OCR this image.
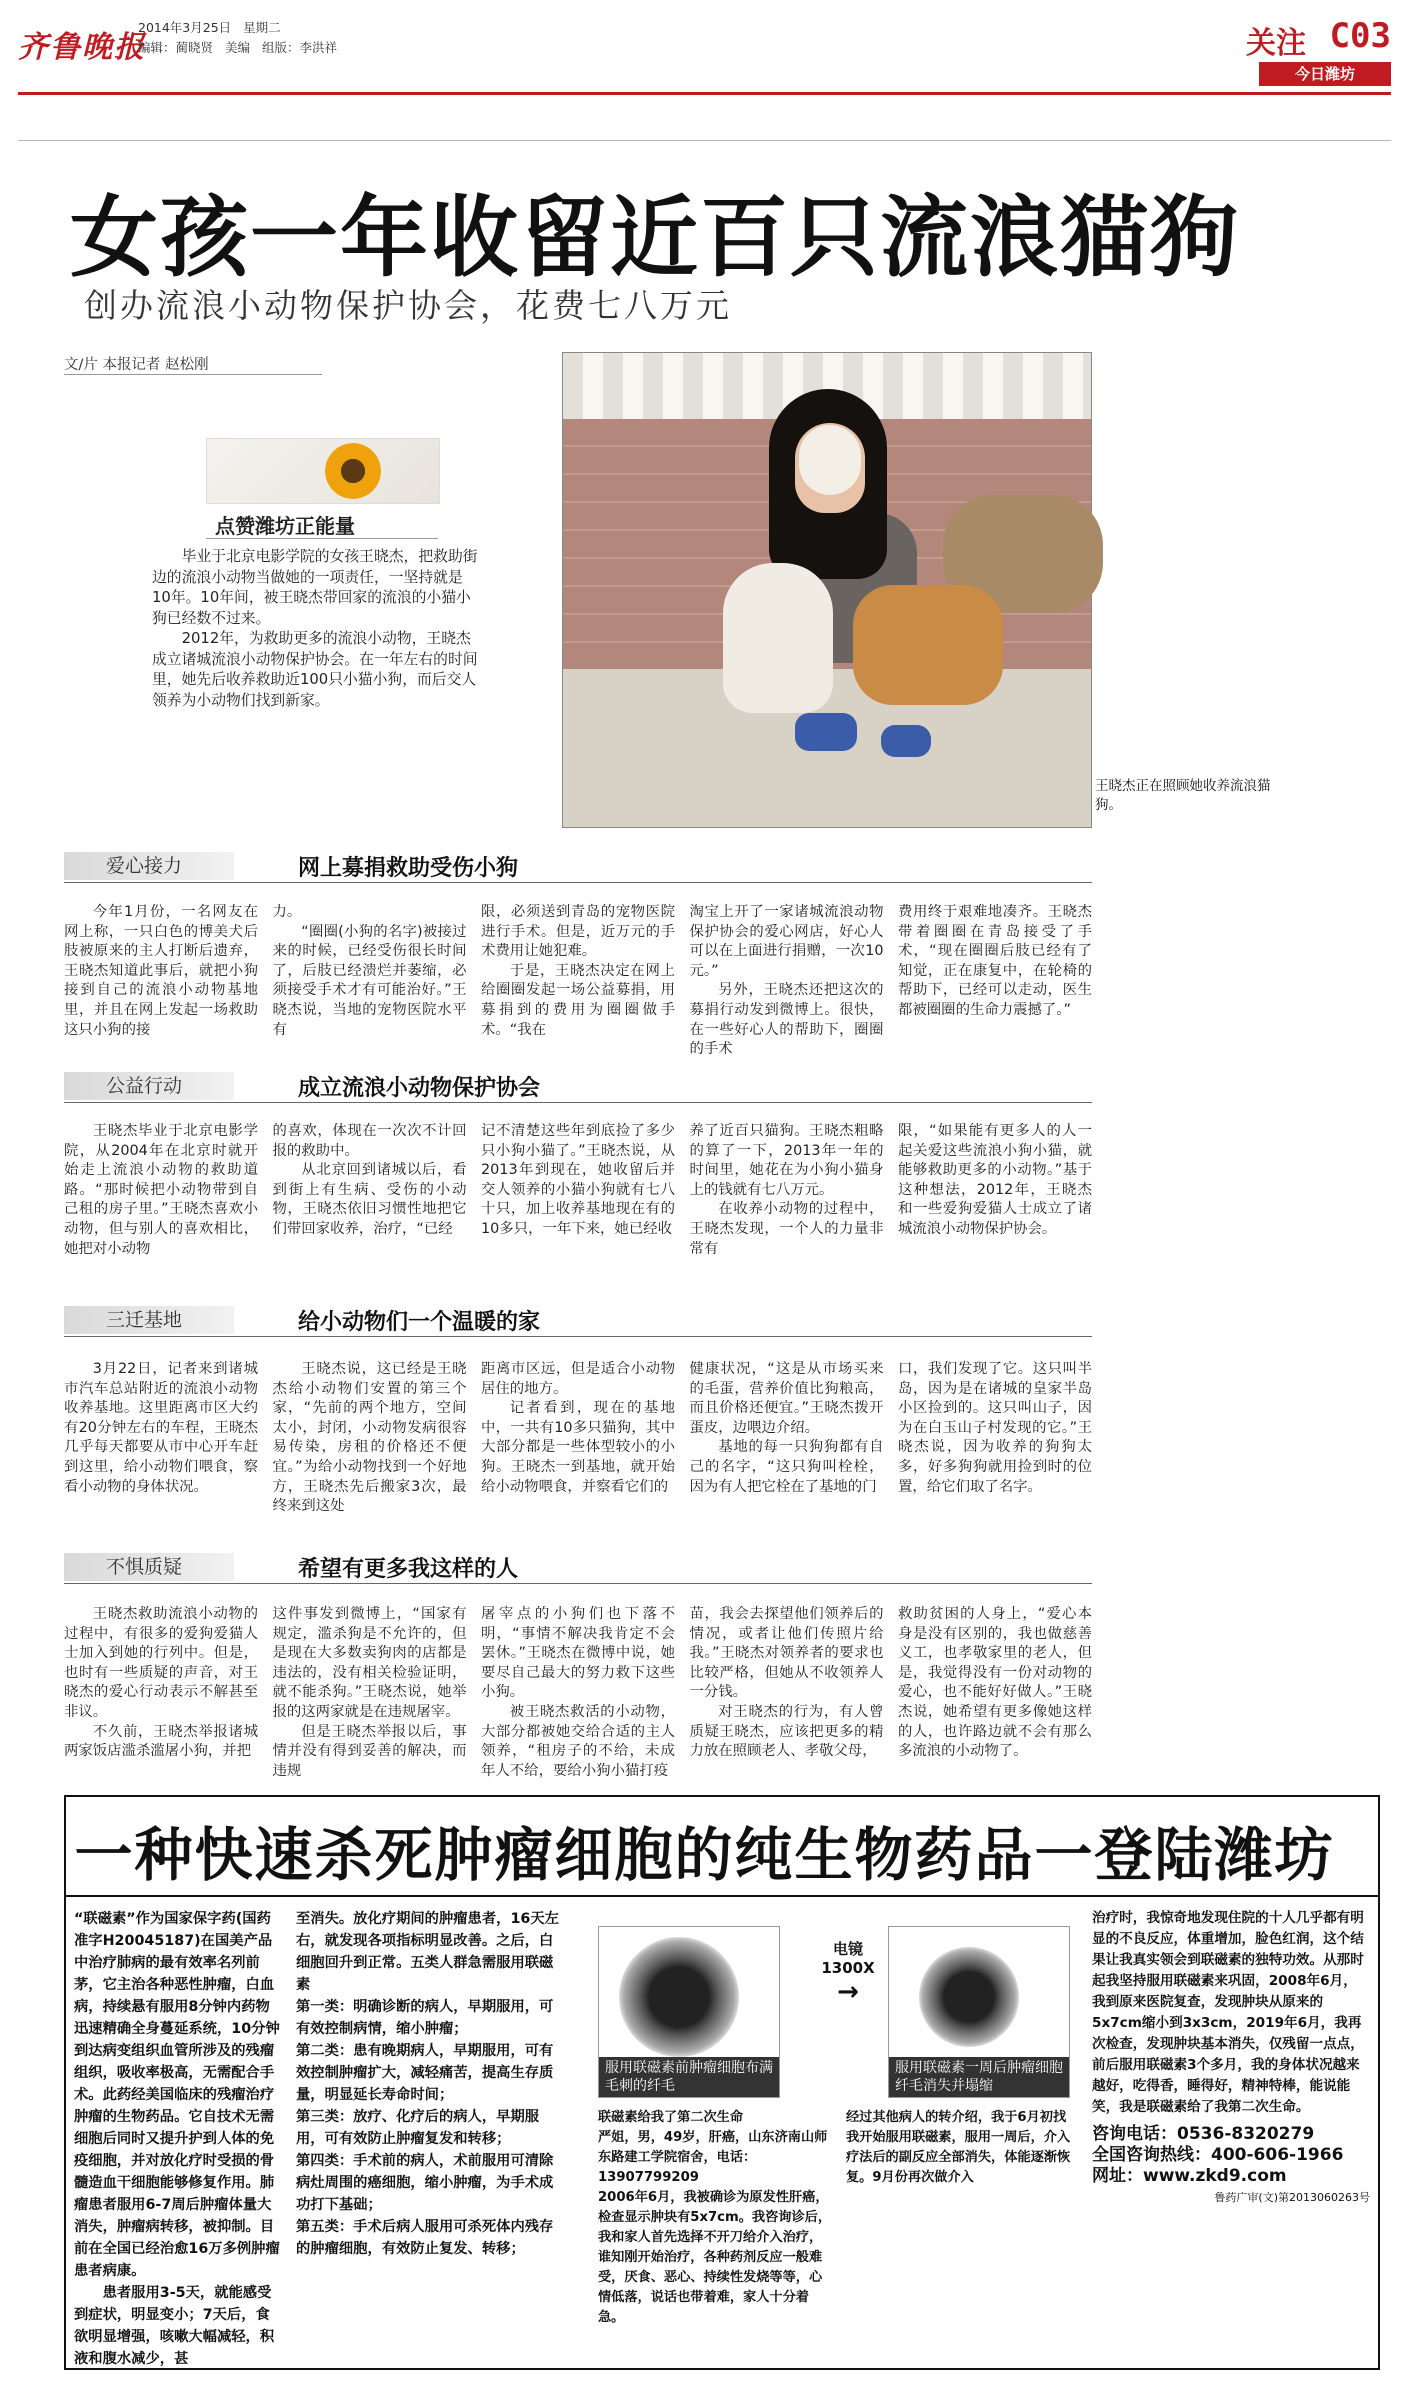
齐鲁晚报
2014年3月25日 星期二
编辑：蔺晓贤 美编 组版：李洪祥	关注 C03
今日潍坊
女孩一年收留近百只流浪猫狗
创办流浪小动物保护协会，花费七八万元
文/片 本报记者 赵松刚
王晓杰正在照顾她收养流浪猫狗。
点赞潍坊正能量

毕业于北京电影学院的女孩王晓杰，把救助街边的流浪小动物当做她的一项责任，一坚持就是10年。10年间，被王晓杰带回家的流浪的小猫小狗已经数不过来。

2012年，为救助更多的流浪小动物，王晓杰成立诸城流浪小动物保护协会。在一年左右的时间里，她先后收养救助近100只小猫小狗，而后交人领养为小动物们找到新家。

爱心接力	网上募捐救助受伤小狗

今年1月份，一名网友在网上称，一只白色的博美犬后肢被原来的主人打断后遗弃，王晓杰知道此事后，就把小狗接到自己的流浪小动物基地里，并且在网上发起一场救助这只小狗的接

力。

“圈圈(小狗的名字)被接过来的时候，已经受伤很长时间了，后肢已经溃烂并萎缩，必须接受手术才有可能治好。”王晓杰说，当地的宠物医院水平有

限，必须送到青岛的宠物医院进行手术。但是，近万元的手术费用让她犯难。

于是，王晓杰决定在网上给圈圈发起一场公益募捐，用募捐到的费用为圈圈做手术。“我在

淘宝上开了一家诸城流浪动物保护协会的爱心网店，好心人可以在上面进行捐赠，一次10元。”

另外，王晓杰还把这次的募捐行动发到微博上。很快，在一些好心人的帮助下，圈圈的手术

费用终于艰难地凑齐。王晓杰带着圈圈在青岛接受了手术，“现在圈圈后肢已经有了知觉，正在康复中，在轮椅的帮助下，已经可以走动，医生都被圈圈的生命力震撼了。”

公益行动	成立流浪小动物保护协会

王晓杰毕业于北京电影学院，从2004年在北京时就开始走上流浪小动物的救助道路。“那时候把小动物带到自己租的房子里。”王晓杰喜欢小动物，但与别人的喜欢相比，她把对小动物

的喜欢，体现在一次次不计回报的救助中。

从北京回到诸城以后，看到街上有生病、受伤的小动物，王晓杰依旧习惯性地把它们带回家收养，治疗，“已经

记不清楚这些年到底捡了多少只小狗小猫了。”王晓杰说，从2013年到现在，她收留后并交人领养的小猫小狗就有七八十只，加上收养基地现在有的10多只，一年下来，她已经收

养了近百只猫狗。王晓杰粗略的算了一下，2013年一年的时间里，她花在为小狗小猫身上的钱就有七八万元。

在收养小动物的过程中，王晓杰发现，一个人的力量非常有

限，“如果能有更多人的人一起关爱这些流浪小狗小猫，就能够救助更多的小动物。”基于这种想法，2012年，王晓杰和一些爱狗爱猫人士成立了诸城流浪小动物保护协会。

三迁基地	给小动物们一个温暖的家

3月22日，记者来到诸城市汽车总站附近的流浪小动物收养基地。这里距离市区大约有20分钟左右的车程，王晓杰几乎每天都要从市中心开车赶到这里，给小动物们喂食，察看小动物的身体状况。

王晓杰说，这已经是王晓杰给小动物们安置的第三个家，“先前的两个地方，空间太小，封闭，小动物发病很容易传染，房租的价格还不便宜。”为给小动物找到一个好地方，王晓杰先后搬家3次，最终来到这处

距离市区远，但是适合小动物居住的地方。

记者看到，现在的基地中，一共有10多只猫狗，其中大部分都是一些体型较小的小狗。王晓杰一到基地，就开始给小动物喂食，并察看它们的

健康状况，“这是从市场买来的毛蛋，营养价值比狗粮高，而且价格还便宜。”王晓杰拨开蛋皮，边喂边介绍。

基地的每一只狗狗都有自己的名字，“这只狗叫栓栓，因为有人把它栓在了基地的门

口，我们发现了它。这只叫半岛，因为是在诸城的皇家半岛小区捡到的。这只叫山子，因为在白玉山子村发现的它。”王晓杰说，因为收养的狗狗太多，好多狗狗就用捡到时的位置，给它们取了名字。

不惧质疑	希望有更多我这样的人

王晓杰救助流浪小动物的过程中，有很多的爱狗爱猫人士加入到她的行列中。但是，也时有一些质疑的声音，对王晓杰的爱心行动表示不解甚至非议。

不久前，王晓杰举报诸城两家饭店滥杀滥屠小狗，并把

这件事发到微博上，“国家有规定，滥杀狗是不允许的，但是现在大多数卖狗肉的店都是违法的，没有相关检验证明，就不能杀狗。”王晓杰说，她举报的这两家就是在违规屠宰。

但是王晓杰举报以后，事情并没有得到妥善的解决，而违规

屠宰点的小狗们也下落不明，“事情不解决我肯定不会罢休。”王晓杰在微博中说，她要尽自己最大的努力救下这些小狗。

被王晓杰救活的小动物，大部分都被她交给合适的主人领养，“租房子的不给，未成年人不给，要给小狗小猫打疫

苗，我会去探望他们领养后的情况，或者让他们传照片给我。”王晓杰对领养者的要求也比较严格，但她从不收领养人一分钱。

对王晓杰的行为，有人曾质疑王晓杰，应该把更多的精力放在照顾老人、孝敬父母，

救助贫困的人身上，“爱心本身是没有区别的，我也做慈善义工，也孝敬家里的老人，但是，我觉得没有一份对动物的爱心，也不能好好做人。”王晓杰说，她希望有更多像她这样的人，也许路边就不会有那么多流浪的小动物了。

一种快速杀死肿瘤细胞的纯生物药品一登陆潍坊

“联磁素”作为国家保字药(国药准字H20045187)在国美产品中治疗肺病的最有效率名列前茅，它主治各种恶性肿瘤，白血病，持续悬有服用8分钟内药物迅速精确全身蔓延系统，10分钟到达病变组织血管所涉及的残瘤组织，吸收率极高，无需配合手术。此药经美国临床的残瘤治疗肿瘤的生物药品。它自技术无需细胞后同时又提升护到人体的免疫细胞，并对放化疗时受损的骨髓造血干细胞能够修复作用。肺瘤患者服用6-7周后肿瘤体量大消失，肿瘤病转移，被抑制。目前在全国已经治愈16万多例肿瘤患者病康。

患者服用3-5天，就能感受到症状，明显变小；7天后，食欲明显增强，咳嗽大幅减轻，积液和腹水减少，甚

至消失。放化疗期间的肿瘤患者，16天左右，就发现各项指标明显改善。之后，白细胞回升到正常。五类人群急需服用联磁素

第一类：明确诊断的病人，早期服用，可有效控制病情，缩小肿瘤；

第二类：患有晚期病人，早期服用，可有效控制肿瘤扩大，减轻痛苦，提高生存质量，明显延长寿命时间；

第三类：放疗、化疗后的病人，早期服用，可有效防止肿瘤复发和转移；

第四类：手术前的病人，术前服用可清除病灶周围的癌细胞，缩小肿瘤，为手术成功打下基础；

第五类：手术后病人服用可杀死体内残存的肿瘤细胞，有效防止复发、转移；

服用联磁素前肿瘤细胞布满毛刺的纤毛
电镜
1300X
→
服用联磁素一周后肿瘤细胞纤毛消失并塌缩

联磁素给我了第二次生命

严姐，男，49岁，肝癌，山东济南山师东路建工学院宿舍，电话：13907799209

2006年6月，我被确诊为原发性肝癌，检查显示肿块有5x7cm。我咨询诊后，我和家人首先选择不开刀给介入治疗，谁知刚开始治疗，各种药剂反应一般难受，厌食、恶心、持续性发烧等等，心情低落，说话也带着难，家人十分着急。

经过其他病人的转介绍，我于6月初找我开始服用联磁素，服用一周后，介入疗法后的副反应全部消失，体能逐渐恢复。9月份再次做介入

治疗时，我惊奇地发现住院的十人几乎都有明显的不良反应，体重增加，脸色红润，这个结果让我真实领会到联磁素的独特功效。从那时起我坚持服用联磁素来巩固，2008年6月，我到原来医院复查，发现肿块从原来的5x7cm缩小到3x3cm，2019年6月，我再次检查，发现肿块基本消失，仅残留一点点，前后服用联磁素3个多月，我的身体状况越来越好，吃得香，睡得好，精神特棒，能说能笑，我是联磁素给了我第二次生命。

咨询电话：0536-8320279

全国咨询热线：400-606-1966

网址：www.zkd9.com

鲁药广审(文)第2013060263号
